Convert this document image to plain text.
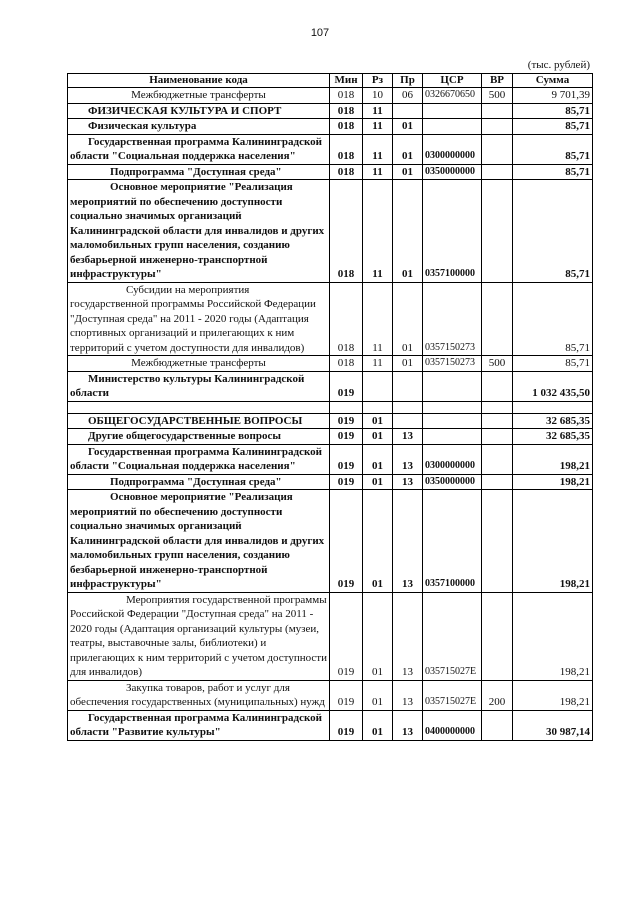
107
(тыс. рублей)
Наименование кода	Мин	Рз	Пр	ЦСР	ВР	Сумма
Межбюджетные трансферты	018	10	06	0326670650	500	9 701,39
ФИЗИЧЕСКАЯ КУЛЬТУРА И СПОРТ	018	11				85,71
Физическая культура	018	11	01			85,71
Государственная программа Калининградской области "Социальная поддержка населения"	018	11	01	0300000000		85,71
Подпрограмма "Доступная среда"	018	11	01	0350000000		85,71
Основное мероприятие "Реализация мероприятий по обеспечению доступности социально значимых организаций Калининградской области для инвалидов и других маломобильных групп населения, созданию безбарьерной инженерно-транспортной инфраструктуры"	018	11	01	0357100000		85,71
Субсидии на мероприятия государственной программы Российской Федерации "Доступная среда" на 2011 - 2020 годы (Адаптация спортивных организаций и прилегающих к ним территорий с учетом доступности для инвалидов)	018	11	01	0357150273		85,71
Межбюджетные трансферты	018	11	01	0357150273	500	85,71
Министерство культуры Калининградской области	019					1 032 435,50

ОБЩЕГОСУДАРСТВЕННЫЕ ВОПРОСЫ	019	01				32 685,35
Другие общегосударственные вопросы	019	01	13			32 685,35
Государственная программа Калининградской области "Социальная поддержка населения"	019	01	13	0300000000		198,21
Подпрограмма "Доступная среда"	019	01	13	0350000000		198,21
Основное мероприятие "Реализация мероприятий по обеспечению доступности социально значимых организаций Калининградской области для инвалидов и других маломобильных групп населения, созданию безбарьерной инженерно-транспортной инфраструктуры"	019	01	13	0357100000		198,21
Мероприятия государственной программы Российской Федерации "Доступная среда" на 2011 - 2020 годы (Адаптация организаций культуры (музеи, театры, выставочные залы, библиотеки) и прилегающих к ним территорий с учетом доступности для инвалидов)	019	01	13	035715027E		198,21
Закупка товаров, работ и услуг для обеспечения государственных (муниципальных) нужд	019	01	13	035715027E	200	198,21
Государственная программа Калининградской области "Развитие культуры"	019	01	13	0400000000		30 987,14
